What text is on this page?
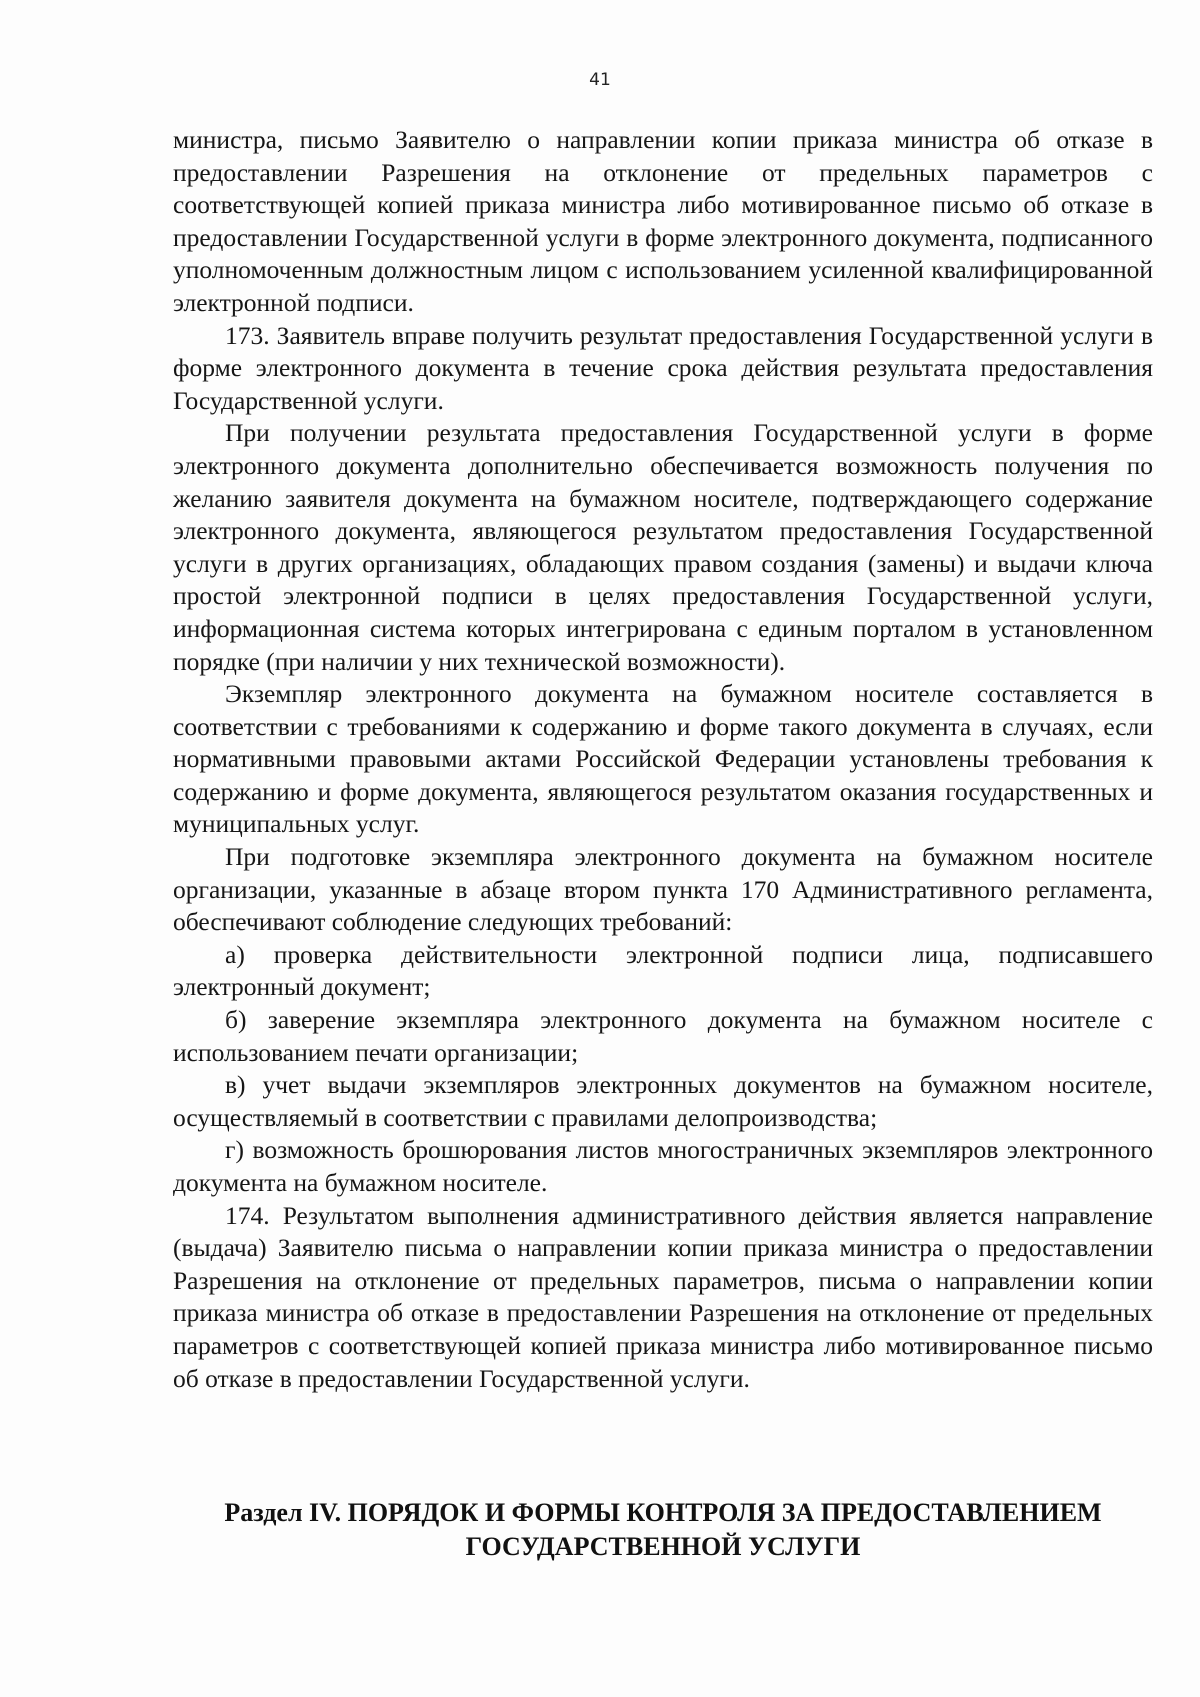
41

министра, письмо Заявителю о направлении копии приказа министра об отказе в предоставлении Разрешения на отклонение от предельных параметров с соответствующей копией приказа министра либо мотивированное письмо об отказе в предоставлении Государственной услуги в форме электронного документа, подписанного уполномоченным должностным лицом с использованием усиленной квалифицированной электронной подписи.

173. Заявитель вправе получить результат предоставления Государственной услуги в форме электронного документа в течение срока действия результата предоставления Государственной услуги.

При получении результата предоставления Государственной услуги в форме электронного документа дополнительно обеспечивается возможность получения по желанию заявителя документа на бумажном носителе, подтверждающего содержание электронного документа, являющегося результатом предоставления Государственной услуги в других организациях, обладающих правом создания (замены) и выдачи ключа простой электронной подписи в целях предоставления Государственной услуги, информационная система которых интегрирована с единым порталом в установленном порядке (при наличии у них технической возможности).

Экземпляр электронного документа на бумажном носителе составляется в соответствии с требованиями к содержанию и форме такого документа в случаях, если нормативными правовыми актами Российской Федерации установлены требования к содержанию и форме документа, являющегося результатом оказания государственных и муниципальных услуг.

При подготовке экземпляра электронного документа на бумажном носителе организации, указанные в абзаце втором пункта 170 Административного регламента, обеспечивают соблюдение следующих требований:

а) проверка действительности электронной подписи лица, подписавшего электронный документ;

б) заверение экземпляра электронного документа на бумажном носителе с использованием печати организации;

в) учет выдачи экземпляров электронных документов на бумажном носителе, осуществляемый в соответствии с правилами делопроизводства;

г) возможность брошюрования листов многостраничных экземпляров электронного документа на бумажном носителе.

174. Результатом выполнения административного действия является направление (выдача) Заявителю письма о направлении копии приказа министра о предоставлении Разрешения на отклонение от предельных параметров, письма о направлении копии приказа министра об отказе в предоставлении Разрешения на отклонение от предельных параметров с соответствующей копией приказа министра либо мотивированное письмо об отказе в предоставлении Государственной услуги.

Раздел IV. ПОРЯДОК И ФОРМЫ КОНТРОЛЯ ЗА ПРЕДОСТАВЛЕНИЕМ
ГОСУДАРСТВЕННОЙ УСЛУГИ
